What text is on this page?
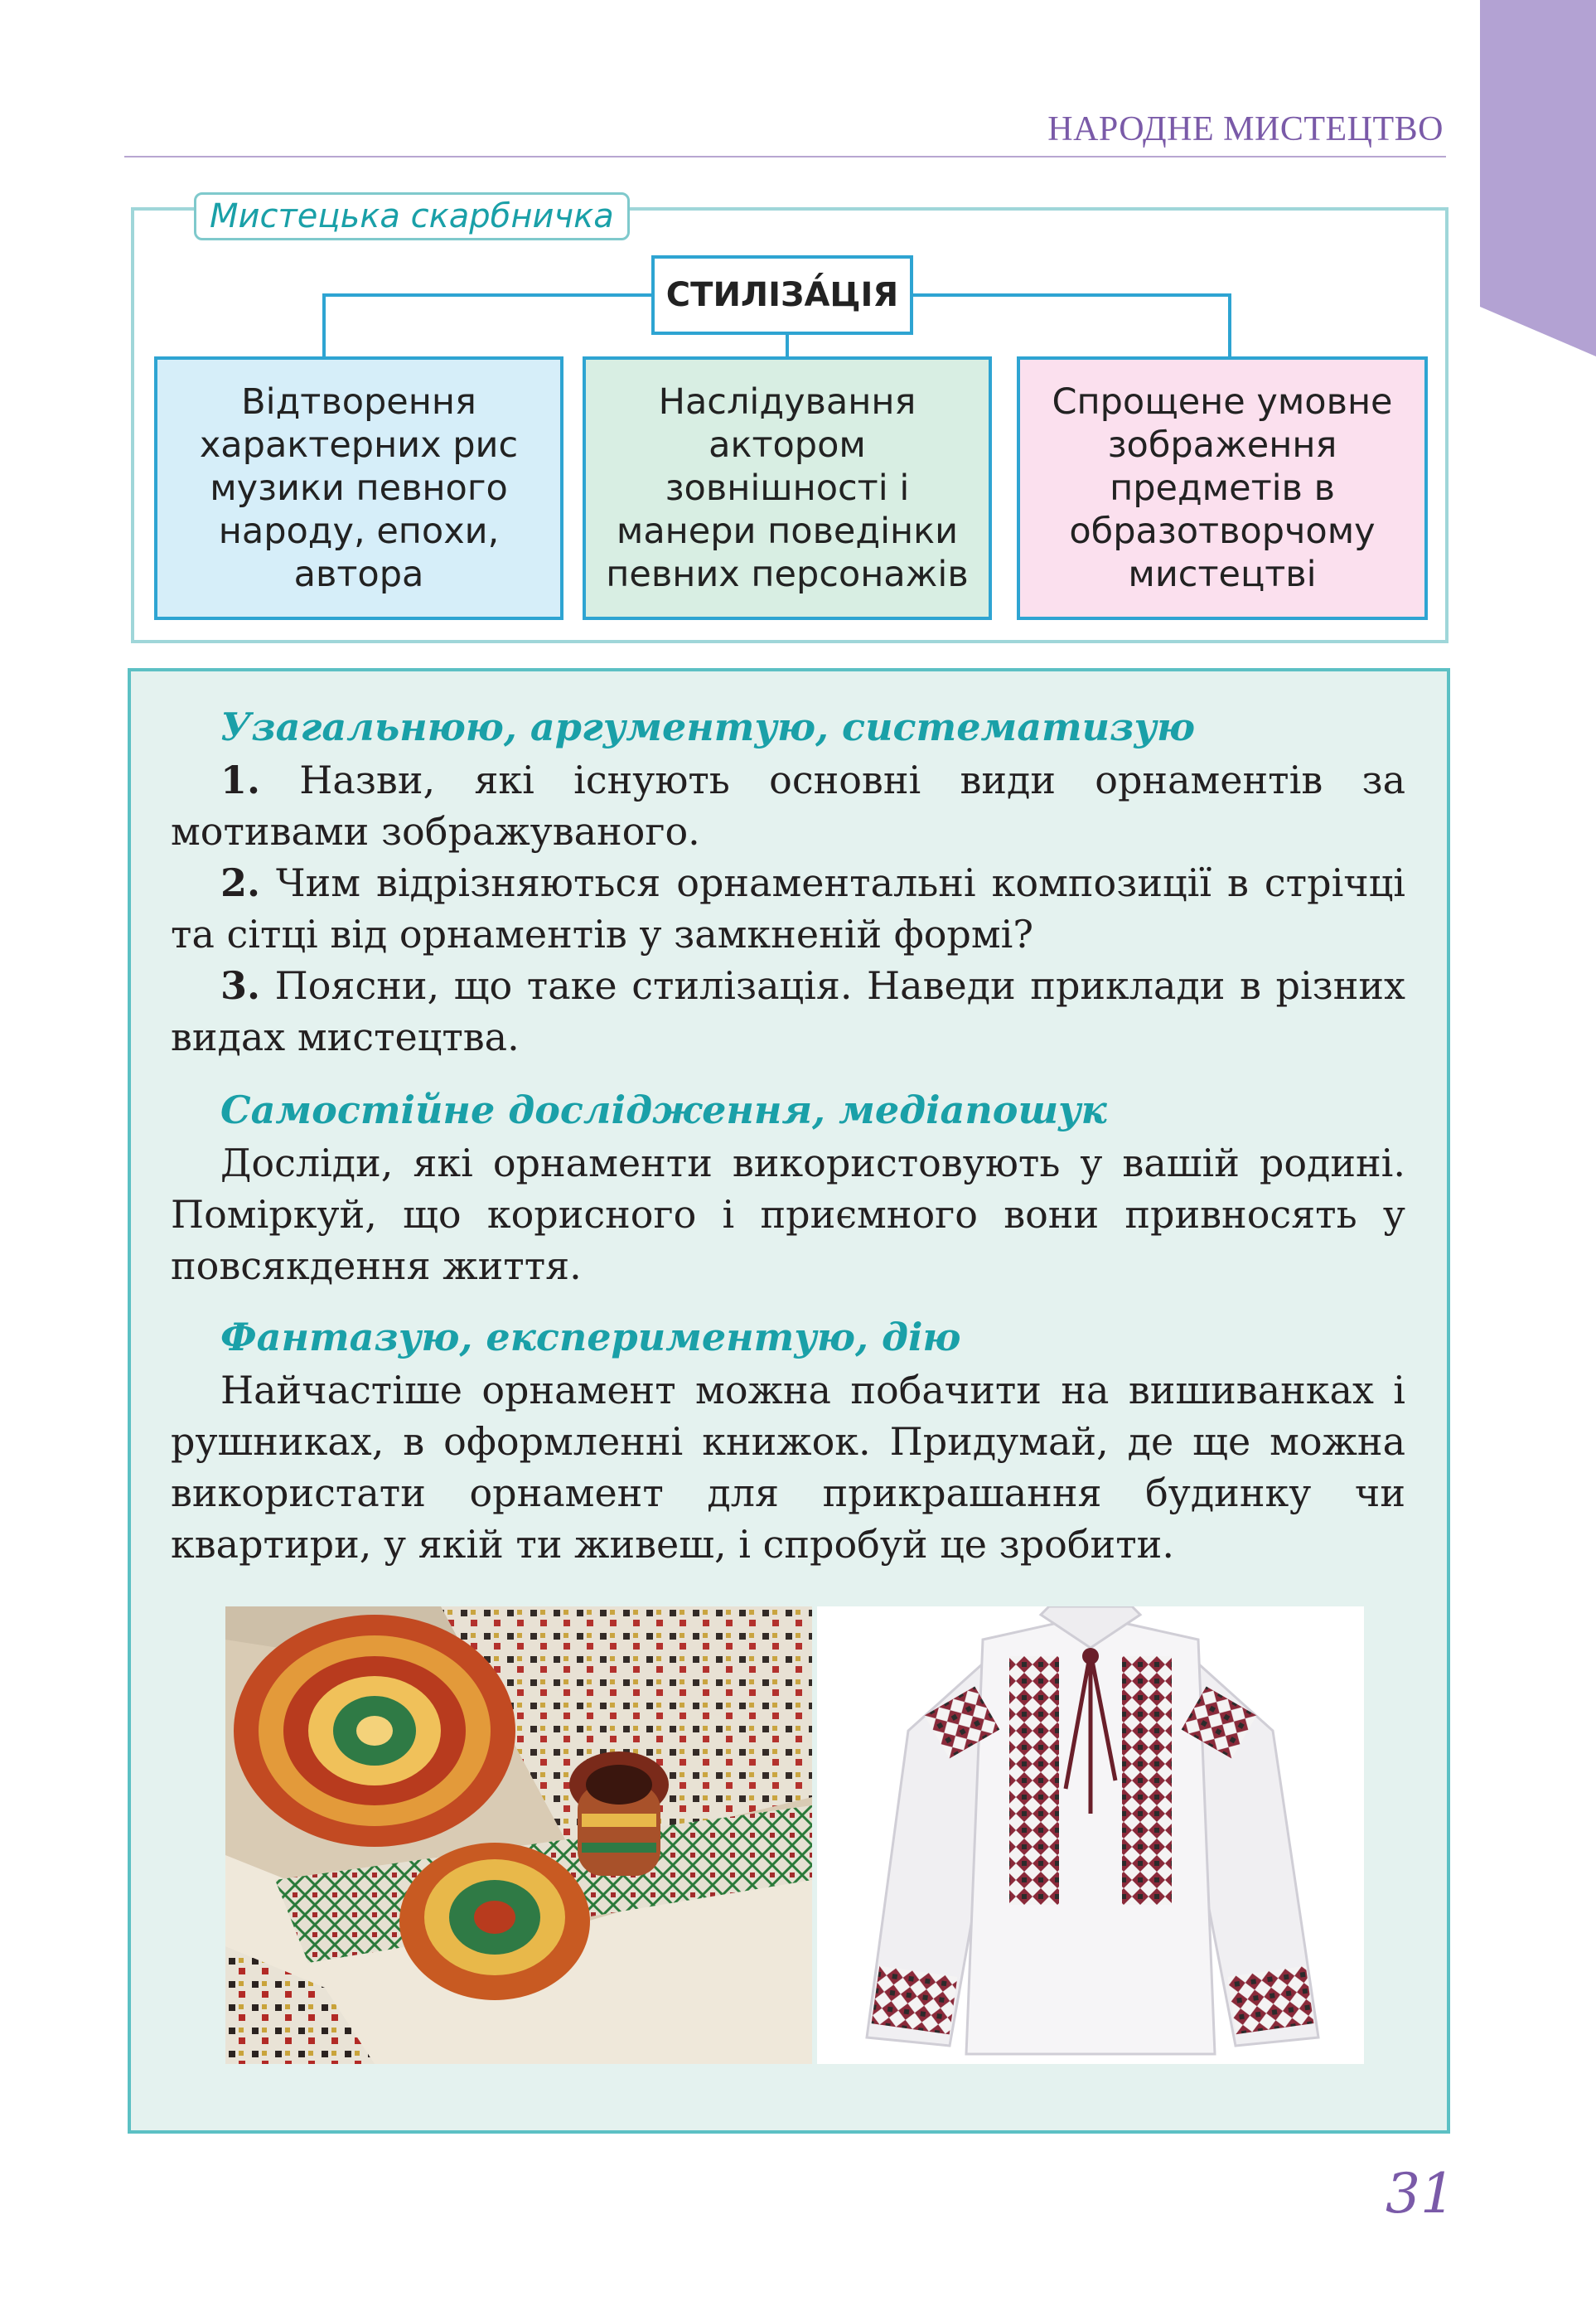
НАРОДНЕ МИСТЕЦТВО
Мистецька скарбничка
СТИЛІЗА́ЦІЯ
Відтворення характерних рис музики певного народу, епохи, автора
Наслідування актором зовнішності і манери поведінки певних персонажів
Спрощене умовне зображення предметів в образотворчому мистецтві
Узагальнюю, аргументую, систематизую
1. Назви, які існують основні види орнаментів за мотивами зображуваного.
2. Чим відрізняються орнаментальні композиції в стрічці та сітці від орнаментів у замкненій формі?
3. Поясни, що таке стилізація. Наведи приклади в різних видах мистецтва.
Самостійне дослідження, медіапошук
Досліди, які орнаменти використовують у вашій родині. Поміркуй, що корисного і приємного вони привносять у повсякдення життя.
Фантазую, експериментую, дію
Найчастіше орнамент можна побачити на вишиванках і рушниках, в оформленні книжок. Придумай, де ще можна використати орнамент для прикрашання будинку чи квартири, у якій ти живеш, і спробуй це зробити.
31
